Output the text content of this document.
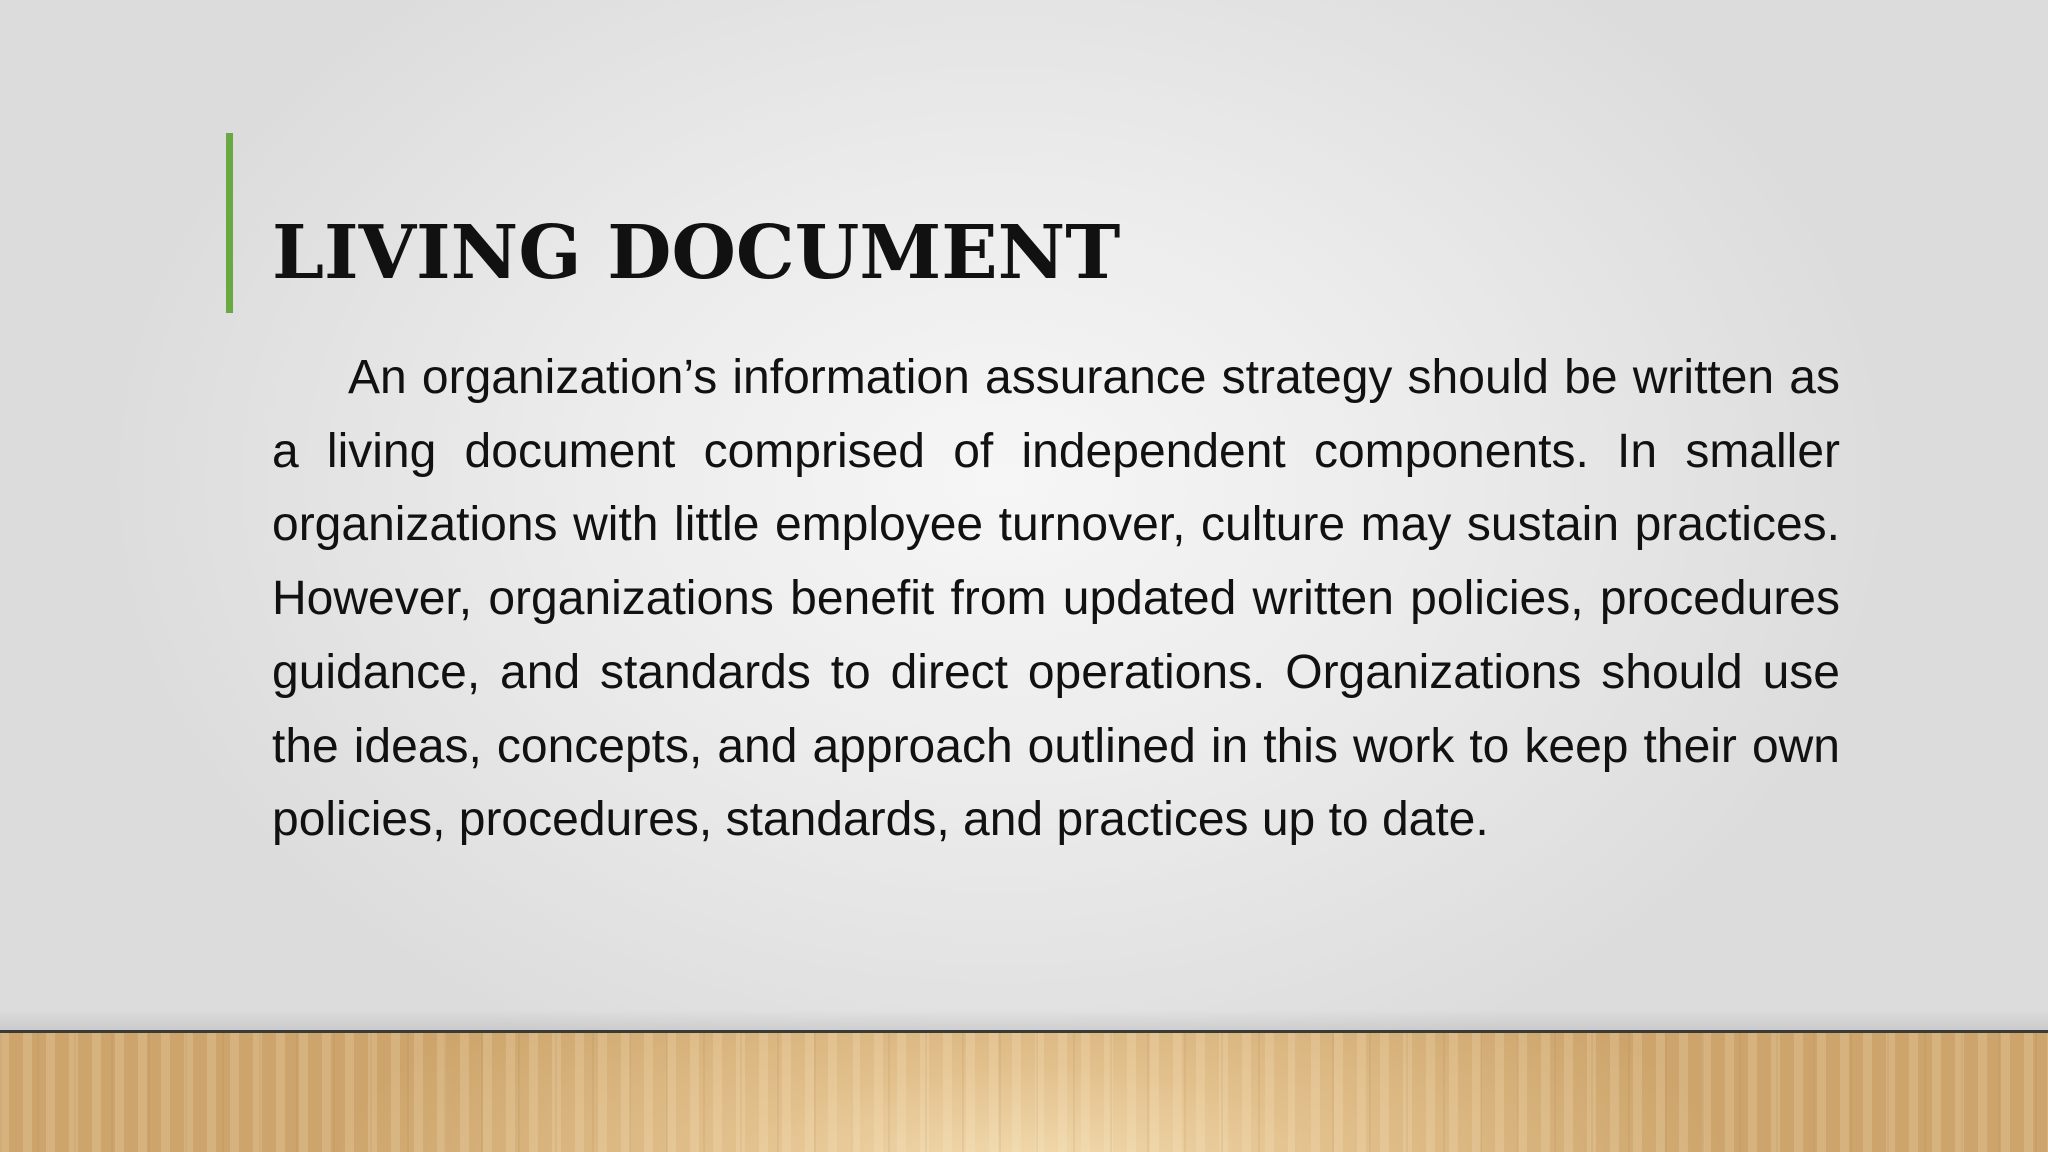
LIVING DOCUMENT

An organization’s information assurance strategy should be written as a living document comprised of independent components. In smaller organizations with little employee turnover, culture may sustain practices. However, organizations benefit from updated written policies, procedures guidance, and standards to direct operations. Organizations should use the ideas, concepts, and approach outlined in this work to keep their own policies, procedures, standards, and practices up to date.
